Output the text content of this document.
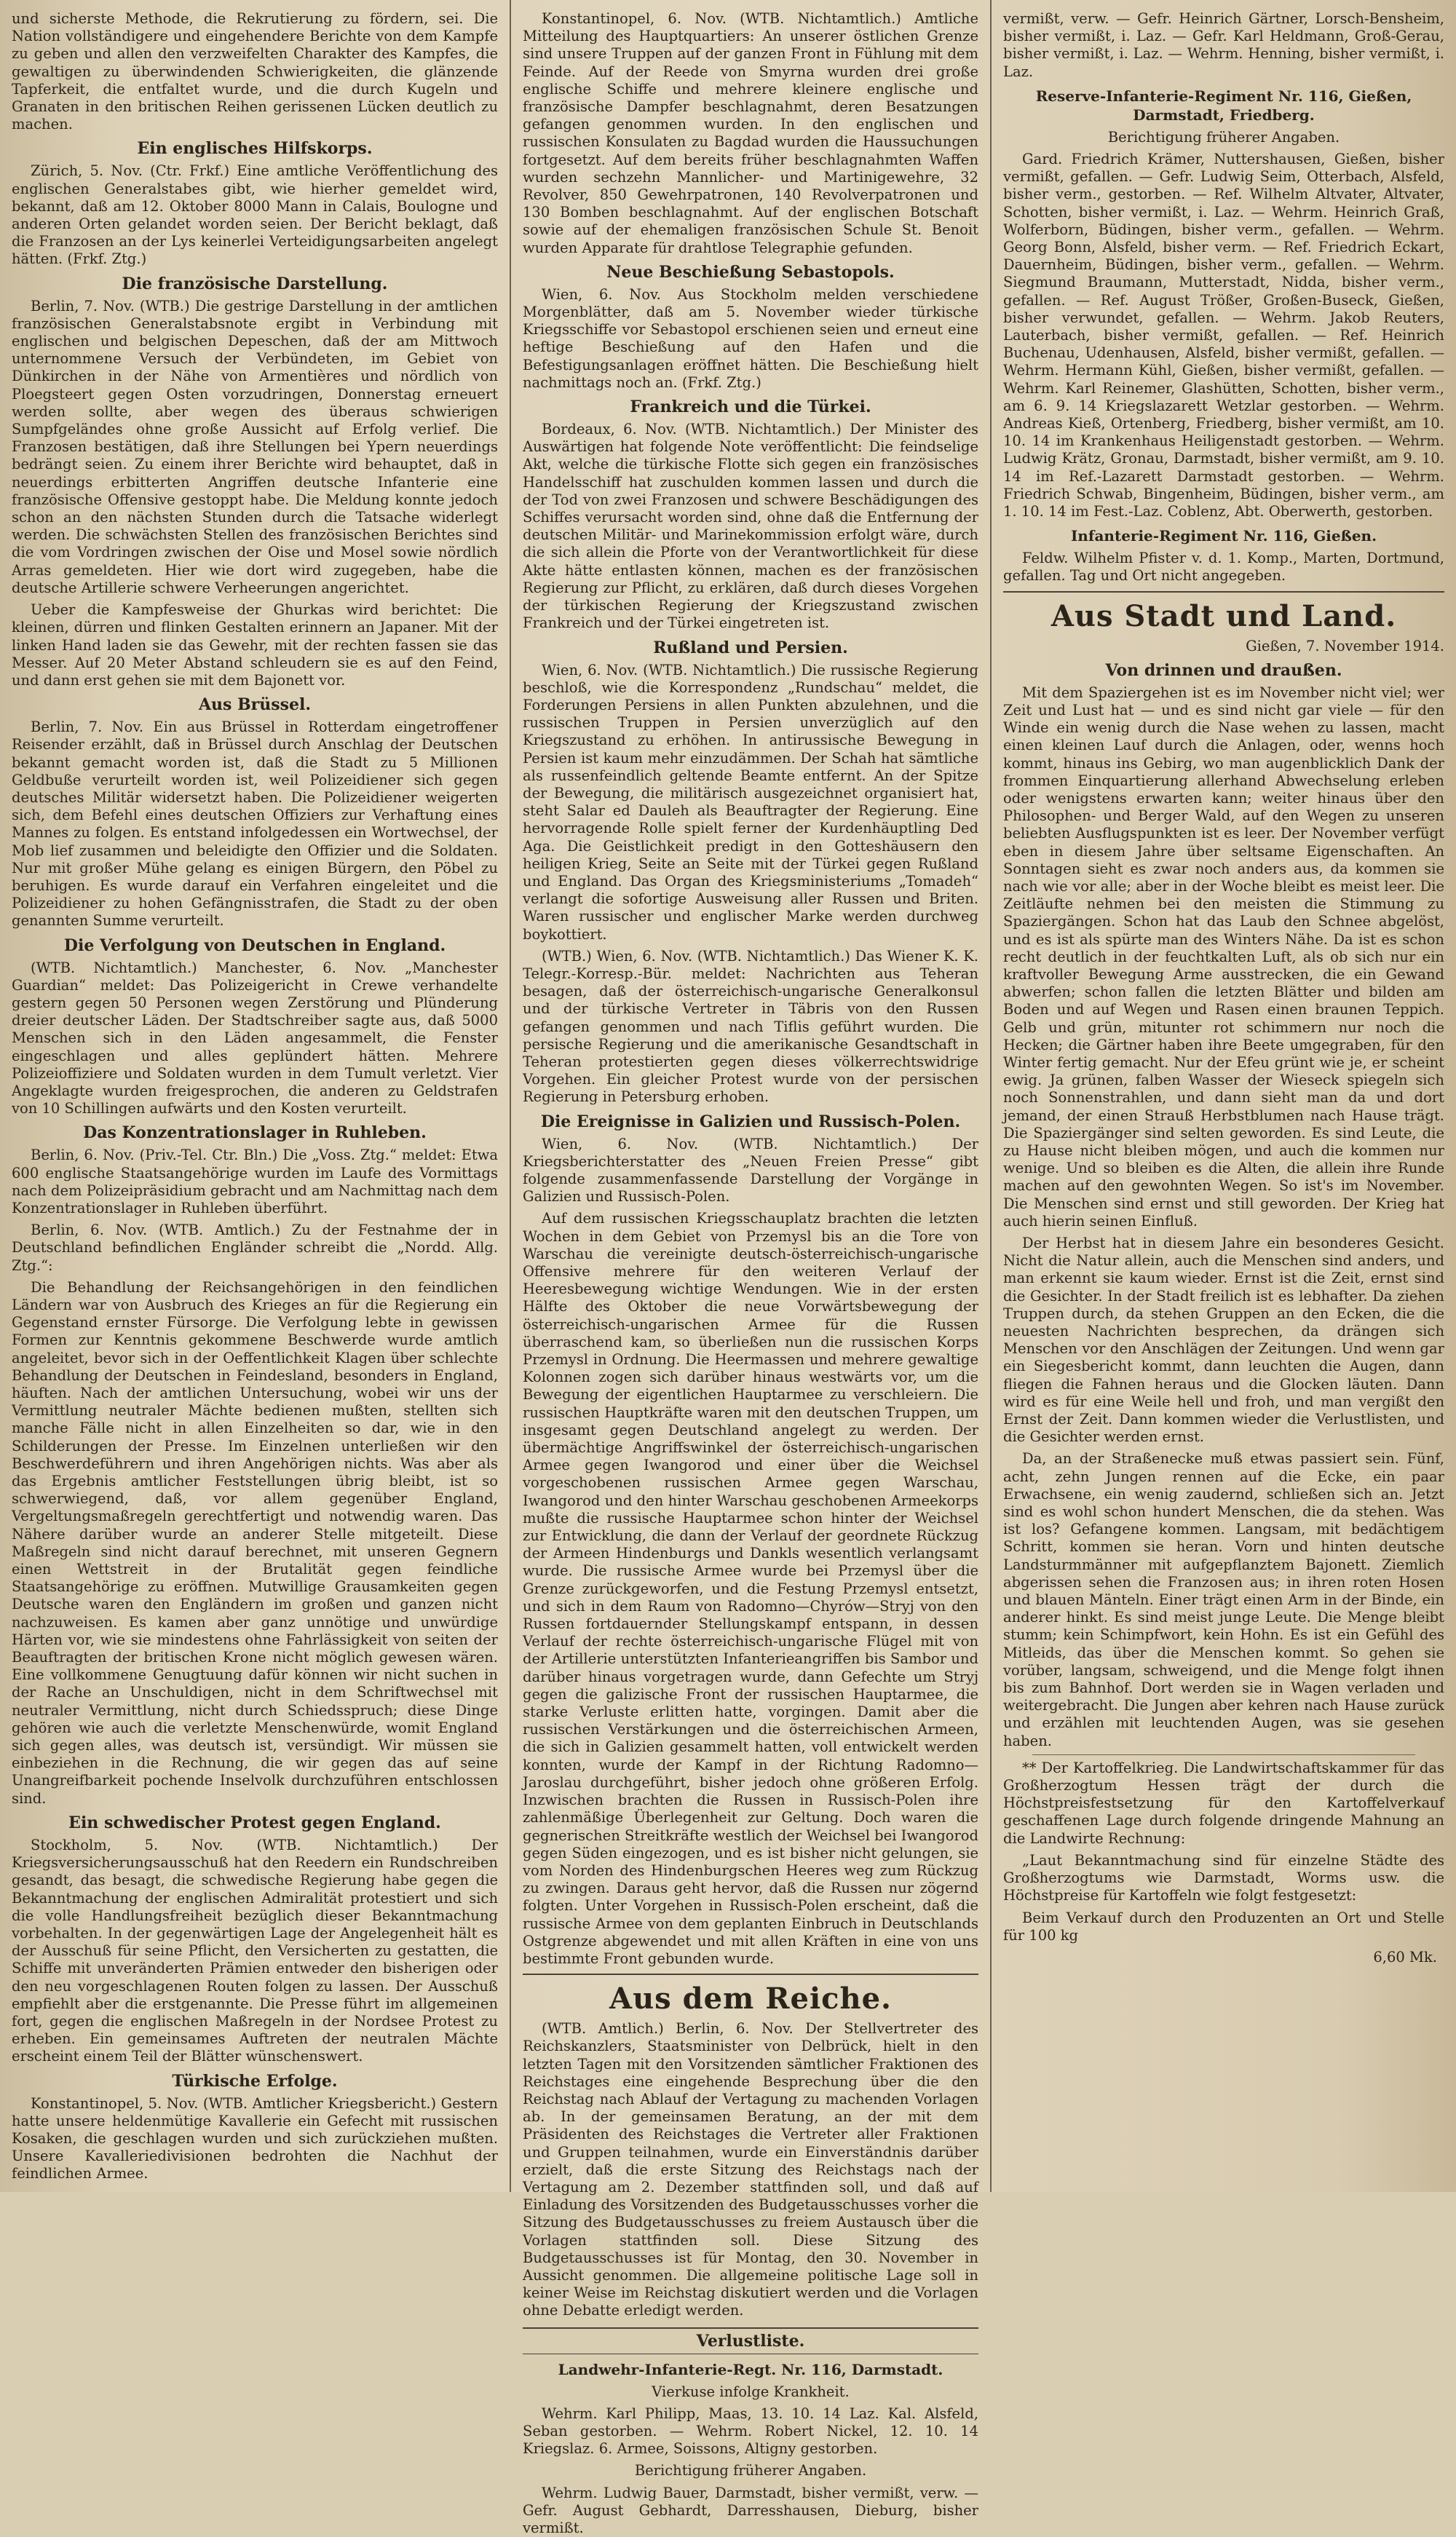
und sicherste Methode, die Rekrutierung zu fördern, sei. Die Nation vollständigere und eingehendere Berichte von dem Kampfe zu geben und allen den verzweifelten Charakter des Kampfes, die gewaltigen zu überwindenden Schwierigkeiten, die glänzende Tapferkeit, die entfaltet wurde, und die durch Kugeln und Granaten in den britischen Reihen gerissenen Lücken deutlich zu machen.

Ein englisches Hilfskorps.

Zürich, 5. Nov. (Ctr. Frkf.) Eine amtliche Veröffentlichung des englischen Generalstabes gibt, wie hierher gemeldet wird, bekannt, daß am 12. Oktober 8000 Mann in Calais, Boulogne und anderen Orten gelandet worden seien. Der Bericht beklagt, daß die Franzosen an der Lys keinerlei Verteidigungsarbeiten angelegt hätten. (Frkf. Ztg.)

Die französische Darstellung.

Berlin, 7. Nov. (WTB.) Die gestrige Darstellung in der amtlichen französischen Generalstabsnote ergibt in Verbindung mit englischen und belgischen Depeschen, daß der am Mittwoch unternommene Versuch der Verbündeten, im Gebiet von Dünkirchen in der Nähe von Armentières und nördlich von Ploegsteert gegen Osten vorzudringen, Donnerstag erneuert werden sollte, aber wegen des überaus schwierigen Sumpfgeländes ohne große Aussicht auf Erfolg verlief. Die Franzosen bestätigen, daß ihre Stellungen bei Ypern neuerdings bedrängt seien. Zu einem ihrer Berichte wird behauptet, daß in neuerdings erbitterten Angriffen deutsche Infanterie eine französische Offensive gestoppt habe. Die Meldung konnte jedoch schon an den nächsten Stunden durch die Tatsache widerlegt werden. Die schwächsten Stellen des französischen Berichtes sind die vom Vordringen zwischen der Oise und Mosel sowie nördlich Arras gemeldeten. Hier wie dort wird zugegeben, habe die deutsche Artillerie schwere Verheerungen angerichtet.

Ueber die Kampfesweise der Ghurkas wird berichtet: Die kleinen, dürren und flinken Gestalten erinnern an Japaner. Mit der linken Hand laden sie das Gewehr, mit der rechten fassen sie das Messer. Auf 20 Meter Abstand schleudern sie es auf den Feind, und dann erst gehen sie mit dem Bajonett vor.

Aus Brüssel.

Berlin, 7. Nov. Ein aus Brüssel in Rotterdam eingetroffener Reisender erzählt, daß in Brüssel durch Anschlag der Deutschen bekannt gemacht worden ist, daß die Stadt zu 5 Millionen Geldbuße verurteilt worden ist, weil Polizeidiener sich gegen deutsches Militär widersetzt haben. Die Polizeidiener weigerten sich, dem Befehl eines deutschen Offiziers zur Verhaftung eines Mannes zu folgen. Es entstand infolgedessen ein Wortwechsel, der Mob lief zusammen und beleidigte den Offizier und die Soldaten. Nur mit großer Mühe gelang es einigen Bürgern, den Pöbel zu beruhigen. Es wurde darauf ein Verfahren eingeleitet und die Polizeidiener zu hohen Gefängnisstrafen, die Stadt zu der oben genannten Summe verurteilt.

Die Verfolgung von Deutschen in England.

(WTB. Nichtamtlich.) Manchester, 6. Nov. „Manchester Guardian“ meldet: Das Polizeigericht in Crewe verhandelte gestern gegen 50 Personen wegen Zerstörung und Plünderung dreier deutscher Läden. Der Stadtschreiber sagte aus, daß 5000 Menschen sich in den Läden angesammelt, die Fenster eingeschlagen und alles geplündert hätten. Mehrere Polizeioffiziere und Soldaten wurden in dem Tumult verletzt. Vier Angeklagte wurden freigesprochen, die anderen zu Geldstrafen von 10 Schillingen aufwärts und den Kosten verurteilt.

Das Konzentrationslager in Ruhleben.

Berlin, 6. Nov. (Priv.-Tel. Ctr. Bln.) Die „Voss. Ztg.“ meldet: Etwa 600 englische Staatsangehörige wurden im Laufe des Vormittags nach dem Polizeipräsidium gebracht und am Nachmittag nach dem Konzentrationslager in Ruhleben überführt.

Berlin, 6. Nov. (WTB. Amtlich.) Zu der Festnahme der in Deutschland befindlichen Engländer schreibt die „Nordd. Allg. Ztg.“:

Die Behandlung der Reichsangehörigen in den feindlichen Ländern war von Ausbruch des Krieges an für die Regierung ein Gegenstand ernster Fürsorge. Die Verfolgung lebte in gewissen Formen zur Kenntnis gekommene Beschwerde wurde amtlich angeleitet, bevor sich in der Oeffentlichkeit Klagen über schlechte Behandlung der Deutschen in Feindesland, besonders in England, häuften. Nach der amtlichen Untersuchung, wobei wir uns der Vermittlung neutraler Mächte bedienen mußten, stellten sich manche Fälle nicht in allen Einzelheiten so dar, wie in den Schilderungen der Presse. Im Einzelnen unterließen wir den Beschwerdeführern und ihren Angehörigen nichts. Was aber als das Ergebnis amtlicher Feststellungen übrig bleibt, ist so schwerwiegend, daß, vor allem gegenüber England, Vergeltungsmaßregeln gerechtfertigt und notwendig waren. Das Nähere darüber wurde an anderer Stelle mitgeteilt. Diese Maßregeln sind nicht darauf berechnet, mit unseren Gegnern einen Wettstreit in der Brutalität gegen feindliche Staatsangehörige zu eröffnen. Mutwillige Grausamkeiten gegen Deutsche waren den Engländern im großen und ganzen nicht nachzuweisen. Es kamen aber ganz unnötige und unwürdige Härten vor, wie sie mindestens ohne Fahrlässigkeit von seiten der Beauftragten der britischen Krone nicht möglich gewesen wären. Eine vollkommene Genugtuung dafür können wir nicht suchen in der Rache an Unschuldigen, nicht in dem Schriftwechsel mit neutraler Vermittlung, nicht durch Schiedsspruch; diese Dinge gehören wie auch die verletzte Menschenwürde, womit England sich gegen alles, was deutsch ist, versündigt. Wir müssen sie einbeziehen in die Rechnung, die wir gegen das auf seine Unangreifbarkeit pochende Inselvolk durchzuführen entschlossen sind.

Ein schwedischer Protest gegen England.

Stockholm, 5. Nov. (WTB. Nichtamtlich.) Der Kriegsversicherungsausschuß hat den Reedern ein Rundschreiben gesandt, das besagt, die schwedische Regierung habe gegen die Bekanntmachung der englischen Admiralität protestiert und sich die volle Handlungsfreiheit bezüglich dieser Bekanntmachung vorbehalten. In der gegenwärtigen Lage der Angelegenheit hält es der Ausschuß für seine Pflicht, den Versicherten zu gestatten, die Schiffe mit unveränderten Prämien entweder den bisherigen oder den neu vorgeschlagenen Routen folgen zu lassen. Der Ausschuß empfiehlt aber die erstgenannte. Die Presse führt im allgemeinen fort, gegen die englischen Maßregeln in der Nordsee Protest zu erheben. Ein gemeinsames Auftreten der neutralen Mächte erscheint einem Teil der Blätter wünschenswert.

Türkische Erfolge.

Konstantinopel, 5. Nov. (WTB. Amtlicher Kriegsbericht.) Gestern hatte unsere heldenmütige Kavallerie ein Gefecht mit russischen Kosaken, die geschlagen wurden und sich zurückziehen mußten. Unsere Kavalleriedivisionen bedrohten die Nachhut der feindlichen Armee.

Konstantinopel, 6. Nov. (WTB. Nichtamtlich.) Amtliche Mitteilung des Hauptquartiers: An unserer östlichen Grenze sind unsere Truppen auf der ganzen Front in Fühlung mit dem Feinde. Auf der Reede von Smyrna wurden drei große englische Schiffe und mehrere kleinere englische und französische Dampfer beschlagnahmt, deren Besatzungen gefangen genommen wurden. In den englischen und russischen Konsulaten zu Bagdad wurden die Haussuchungen fortgesetzt. Auf dem bereits früher beschlagnahmten Waffen wurden sechzehn Mannlicher- und Martinigewehre, 32 Revolver, 850 Gewehrpatronen, 140 Revolverpatronen und 130 Bomben beschlagnahmt. Auf der englischen Botschaft sowie auf der ehemaligen französischen Schule St. Benoit wurden Apparate für drahtlose Telegraphie gefunden.

Neue Beschießung Sebastopols.

Wien, 6. Nov. Aus Stockholm melden verschiedene Morgenblätter, daß am 5. November wieder türkische Kriegsschiffe vor Sebastopol erschienen seien und erneut eine heftige Beschießung auf den Hafen und die Befestigungsanlagen eröffnet hätten. Die Beschießung hielt nachmittags noch an. (Frkf. Ztg.)

Frankreich und die Türkei.

Bordeaux, 6. Nov. (WTB. Nichtamtlich.) Der Minister des Auswärtigen hat folgende Note veröffentlicht: Die feindselige Akt, welche die türkische Flotte sich gegen ein französisches Handelsschiff hat zuschulden kommen lassen und durch die der Tod von zwei Franzosen und schwere Beschädigungen des Schiffes verursacht worden sind, ohne daß die Entfernung der deutschen Militär- und Marinekommission erfolgt wäre, durch die sich allein die Pforte von der Verantwortlichkeit für diese Akte hätte entlasten können, machen es der französischen Regierung zur Pflicht, zu erklären, daß durch dieses Vorgehen der türkischen Regierung der Kriegszustand zwischen Frankreich und der Türkei eingetreten ist.

Rußland und Persien.

Wien, 6. Nov. (WTB. Nichtamtlich.) Die russische Regierung beschloß, wie die Korrespondenz „Rundschau“ meldet, die Forderungen Persiens in allen Punkten abzulehnen, und die russischen Truppen in Persien unverzüglich auf den Kriegszustand zu erhöhen. In antirussische Bewegung in Persien ist kaum mehr einzudämmen. Der Schah hat sämtliche als russenfeindlich geltende Beamte entfernt. An der Spitze der Bewegung, die militärisch ausgezeichnet organisiert hat, steht Salar ed Dauleh als Beauftragter der Regierung. Eine hervorragende Rolle spielt ferner der Kurdenhäuptling Ded Aga. Die Geistlichkeit predigt in den Gotteshäusern den heiligen Krieg, Seite an Seite mit der Türkei gegen Rußland und England. Das Organ des Kriegsministeriums „Tomadeh“ verlangt die sofortige Ausweisung aller Russen und Briten. Waren russischer und englischer Marke werden durchweg boykottiert.

(WTB.) Wien, 6. Nov. (WTB. Nichtamtlich.) Das Wiener K. K. Telegr.-Korresp.-Bür. meldet: Nachrichten aus Teheran besagen, daß der österreichisch-ungarische Generalkonsul und der türkische Vertreter in Täbris von den Russen gefangen genommen und nach Tiflis geführt wurden. Die persische Regierung und die amerikanische Gesandtschaft in Teheran protestierten gegen dieses völkerrechtswidrige Vorgehen. Ein gleicher Protest wurde von der persischen Regierung in Petersburg erhoben.

Die Ereignisse in Galizien und Russisch-Polen.

Wien, 6. Nov. (WTB. Nichtamtlich.) Der Kriegsberichterstatter des „Neuen Freien Presse“ gibt folgende zusammenfassende Darstellung der Vorgänge in Galizien und Russisch-Polen.

Auf dem russischen Kriegsschauplatz brachten die letzten Wochen in dem Gebiet von Przemysl bis an die Tore von Warschau die vereinigte deutsch-österreichisch-ungarische Offensive mehrere für den weiteren Verlauf der Heeresbewegung wichtige Wendungen. Wie in der ersten Hälfte des Oktober die neue Vorwärtsbewegung der österreichisch-ungarischen Armee für die Russen überraschend kam, so überließen nun die russischen Korps Przemysl in Ordnung. Die Heermassen und mehrere gewaltige Kolonnen zogen sich darüber hinaus westwärts vor, um die Bewegung der eigentlichen Hauptarmee zu verschleiern. Die russischen Hauptkräfte waren mit den deutschen Truppen, um insgesamt gegen Deutschland angelegt zu werden. Der übermächtige Angriffswinkel der österreichisch-ungarischen Armee gegen Iwangorod und einer über die Weichsel vorgeschobenen russischen Armee gegen Warschau, Iwangorod und den hinter Warschau geschobenen Armeekorps mußte die russische Hauptarmee schon hinter der Weichsel zur Entwicklung, die dann der Verlauf der geordnete Rückzug der Armeen Hindenburgs und Dankls wesentlich verlangsamt wurde. Die russische Armee wurde bei Przemysl über die Grenze zurückgeworfen, und die Festung Przemysl entsetzt, und sich in dem Raum von Radomno—Chyrów—Stryj von den Russen fortdauernder Stellungskampf entspann, in dessen Verlauf der rechte österreichisch-ungarische Flügel mit von der Artillerie unterstützten Infanterieangriffen bis Sambor und darüber hinaus vorgetragen wurde, dann Gefechte um Stryj gegen die galizische Front der russischen Hauptarmee, die starke Verluste erlitten hatte, vorgingen. Damit aber die russischen Verstärkungen und die österreichischen Armeen, die sich in Galizien gesammelt hatten, voll entwickelt werden konnten, wurde der Kampf in der Richtung Radomno—Jaroslau durchgeführt, bisher jedoch ohne größeren Erfolg. Inzwischen brachten die Russen in Russisch-Polen ihre zahlenmäßige Überlegenheit zur Geltung. Doch waren die gegnerischen Streitkräfte westlich der Weichsel bei Iwangorod gegen Süden eingezogen, und es ist bisher nicht gelungen, sie vom Norden des Hindenburgschen Heeres weg zum Rückzug zu zwingen. Daraus geht hervor, daß die Russen nur zögernd folgten. Unter Vorgehen in Russisch-Polen erscheint, daß die russische Armee von dem geplanten Einbruch in Deutschlands Ostgrenze abgewendet und mit allen Kräften in eine von uns bestimmte Front gebunden wurde.

Aus dem Reiche.

(WTB. Amtlich.) Berlin, 6. Nov. Der Stellvertreter des Reichskanzlers, Staatsminister von Delbrück, hielt in den letzten Tagen mit den Vorsitzenden sämtlicher Fraktionen des Reichstages eine eingehende Besprechung über die den Reichstag nach Ablauf der Vertagung zu machenden Vorlagen ab. In der gemeinsamen Beratung, an der mit dem Präsidenten des Reichstages die Vertreter aller Fraktionen und Gruppen teilnahmen, wurde ein Einverständnis darüber erzielt, daß die erste Sitzung des Reichstags nach der Vertagung am 2. Dezember stattfinden soll, und daß auf Einladung des Vorsitzenden des Budgetausschusses vorher die Sitzung des Budgetausschusses zu freiem Austausch über die Vorlagen stattfinden soll. Diese Sitzung des Budgetausschusses ist für Montag, den 30. November in Aussicht genommen. Die allgemeine politische Lage soll in keiner Weise im Reichstag diskutiert werden und die Vorlagen ohne Debatte erledigt werden.

Verlustliste.
Landwehr-Infanterie-Regt. Nr. 116, Darmstadt.

Vierkuse infolge Krankheit.

Wehrm. Karl Philipp, Maas, 13. 10. 14 Laz. Kal. Alsfeld, Seban gestorben. — Wehrm. Robert Nickel, 12. 10. 14 Kriegslaz. 6. Armee, Soissons, Altigny gestorben.

Berichtigung früherer Angaben.

Wehrm. Ludwig Bauer, Darmstadt, bisher vermißt, verw. — Gefr. August Gebhardt, Darresshausen, Dieburg, bisher vermißt.

vermißt, verw. — Gefr. Heinrich Gärtner, Lorsch-Bensheim, bisher vermißt, i. Laz. — Gefr. Karl Heldmann, Groß-Gerau, bisher vermißt, i. Laz. — Wehrm. Henning, bisher vermißt, i. Laz.

Reserve-Infanterie-Regiment Nr. 116, Gießen, Darmstadt, Friedberg.

Berichtigung früherer Angaben.

Gard. Friedrich Krämer, Nuttershausen, Gießen, bisher vermißt, gefallen. — Gefr. Ludwig Seim, Otterbach, Alsfeld, bisher verm., gestorben. — Ref. Wilhelm Altvater, Altvater, Schotten, bisher vermißt, i. Laz. — Wehrm. Heinrich Graß, Wolferborn, Büdingen, bisher verm., gefallen. — Wehrm. Georg Bonn, Alsfeld, bisher verm. — Ref. Friedrich Eckart, Dauernheim, Büdingen, bisher verm., gefallen. — Wehrm. Siegmund Braumann, Mutterstadt, Nidda, bisher verm., gefallen. — Ref. August Trößer, Großen-Buseck, Gießen, bisher verwundet, gefallen. — Wehrm. Jakob Reuters, Lauterbach, bisher vermißt, gefallen. — Ref. Heinrich Buchenau, Udenhausen, Alsfeld, bisher vermißt, gefallen. — Wehrm. Hermann Kühl, Gießen, bisher vermißt, gefallen. — Wehrm. Karl Reinemer, Glashütten, Schotten, bisher verm., am 6. 9. 14 Kriegslazarett Wetzlar gestorben. — Wehrm. Andreas Kieß, Ortenberg, Friedberg, bisher vermißt, am 10. 10. 14 im Krankenhaus Heiligenstadt gestorben. — Wehrm. Ludwig Krätz, Gronau, Darmstadt, bisher vermißt, am 9. 10. 14 im Ref.-Lazarett Darmstadt gestorben. — Wehrm. Friedrich Schwab, Bingenheim, Büdingen, bisher verm., am 1. 10. 14 im Fest.-Laz. Coblenz, Abt. Oberwerth, gestorben.

Infanterie-Regiment Nr. 116, Gießen.

Feldw. Wilhelm Pfister v. d. 1. Komp., Marten, Dortmund, gefallen. Tag und Ort nicht angegeben.

Aus Stadt und Land.
Gießen, 7. November 1914.
Von drinnen und draußen.

Mit dem Spaziergehen ist es im November nicht viel; wer Zeit und Lust hat — und es sind nicht gar viele — für den Winde ein wenig durch die Nase wehen zu lassen, macht einen kleinen Lauf durch die Anlagen, oder, wenns hoch kommt, hinaus ins Gebirg, wo man augenblicklich Dank der frommen Einquartierung allerhand Abwechselung erleben oder wenigstens erwarten kann; weiter hinaus über den Philosophen- und Berger Wald, auf den Wegen zu unseren beliebten Ausflugspunkten ist es leer. Der November verfügt eben in diesem Jahre über seltsame Eigenschaften. An Sonntagen sieht es zwar noch anders aus, da kommen sie nach wie vor alle; aber in der Woche bleibt es meist leer. Die Zeitläufte nehmen bei den meisten die Stimmung zu Spaziergängen. Schon hat das Laub den Schnee abgelöst, und es ist als spürte man des Winters Nähe. Da ist es schon recht deutlich in der feuchtkalten Luft, als ob sich nur ein kraftvoller Bewegung Arme ausstrecken, die ein Gewand abwerfen; schon fallen die letzten Blätter und bilden am Boden und auf Wegen und Rasen einen braunen Teppich. Gelb und grün, mitunter rot schimmern nur noch die Hecken; die Gärtner haben ihre Beete umgegraben, für den Winter fertig gemacht. Nur der Efeu grünt wie je, er scheint ewig. Ja grünen, falben Wasser der Wieseck spiegeln sich noch Sonnenstrahlen, und dann sieht man da und dort jemand, der einen Strauß Herbstblumen nach Hause trägt. Die Spaziergänger sind selten geworden. Es sind Leute, die zu Hause nicht bleiben mögen, und auch die kommen nur wenige. Und so bleiben es die Alten, die allein ihre Runde machen auf den gewohnten Wegen. So ist's im November. Die Menschen sind ernst und still geworden. Der Krieg hat auch hierin seinen Einfluß.

Der Herbst hat in diesem Jahre ein besonderes Gesicht. Nicht die Natur allein, auch die Menschen sind anders, und man erkennt sie kaum wieder. Ernst ist die Zeit, ernst sind die Gesichter. In der Stadt freilich ist es lebhafter. Da ziehen Truppen durch, da stehen Gruppen an den Ecken, die die neuesten Nachrichten besprechen, da drängen sich Menschen vor den Anschlägen der Zeitungen. Und wenn gar ein Siegesbericht kommt, dann leuchten die Augen, dann fliegen die Fahnen heraus und die Glocken läuten. Dann wird es für eine Weile hell und froh, und man vergißt den Ernst der Zeit. Dann kommen wieder die Verlustlisten, und die Gesichter werden ernst.

Da, an der Straßenecke muß etwas passiert sein. Fünf, acht, zehn Jungen rennen auf die Ecke, ein paar Erwachsene, ein wenig zaudernd, schließen sich an. Jetzt sind es wohl schon hundert Menschen, die da stehen. Was ist los? Gefangene kommen. Langsam, mit bedächtigem Schritt, kommen sie heran. Vorn und hinten deutsche Landsturmmänner mit aufgepflanztem Bajonett. Ziemlich abgerissen sehen die Franzosen aus; in ihren roten Hosen und blauen Mänteln. Einer trägt einen Arm in der Binde, ein anderer hinkt. Es sind meist junge Leute. Die Menge bleibt stumm; kein Schimpfwort, kein Hohn. Es ist ein Gefühl des Mitleids, das über die Menschen kommt. So gehen sie vorüber, langsam, schweigend, und die Menge folgt ihnen bis zum Bahnhof. Dort werden sie in Wagen verladen und weitergebracht. Die Jungen aber kehren nach Hause zurück und erzählen mit leuchtenden Augen, was sie gesehen haben.

** Der Kartoffelkrieg. Die Landwirtschaftskammer für das Großherzogtum Hessen trägt der durch die Höchstpreisfestsetzung für den Kartoffelverkauf geschaffenen Lage durch folgende dringende Mahnung an die Landwirte Rechnung:

„Laut Bekanntmachung sind für einzelne Städte des Großherzogtums wie Darmstadt, Worms usw. die Höchstpreise für Kartoffeln wie folgt festgesetzt:

Beim Verkauf durch den Produzenten an Ort und Stelle für 100 kg

6,60 Mk.
